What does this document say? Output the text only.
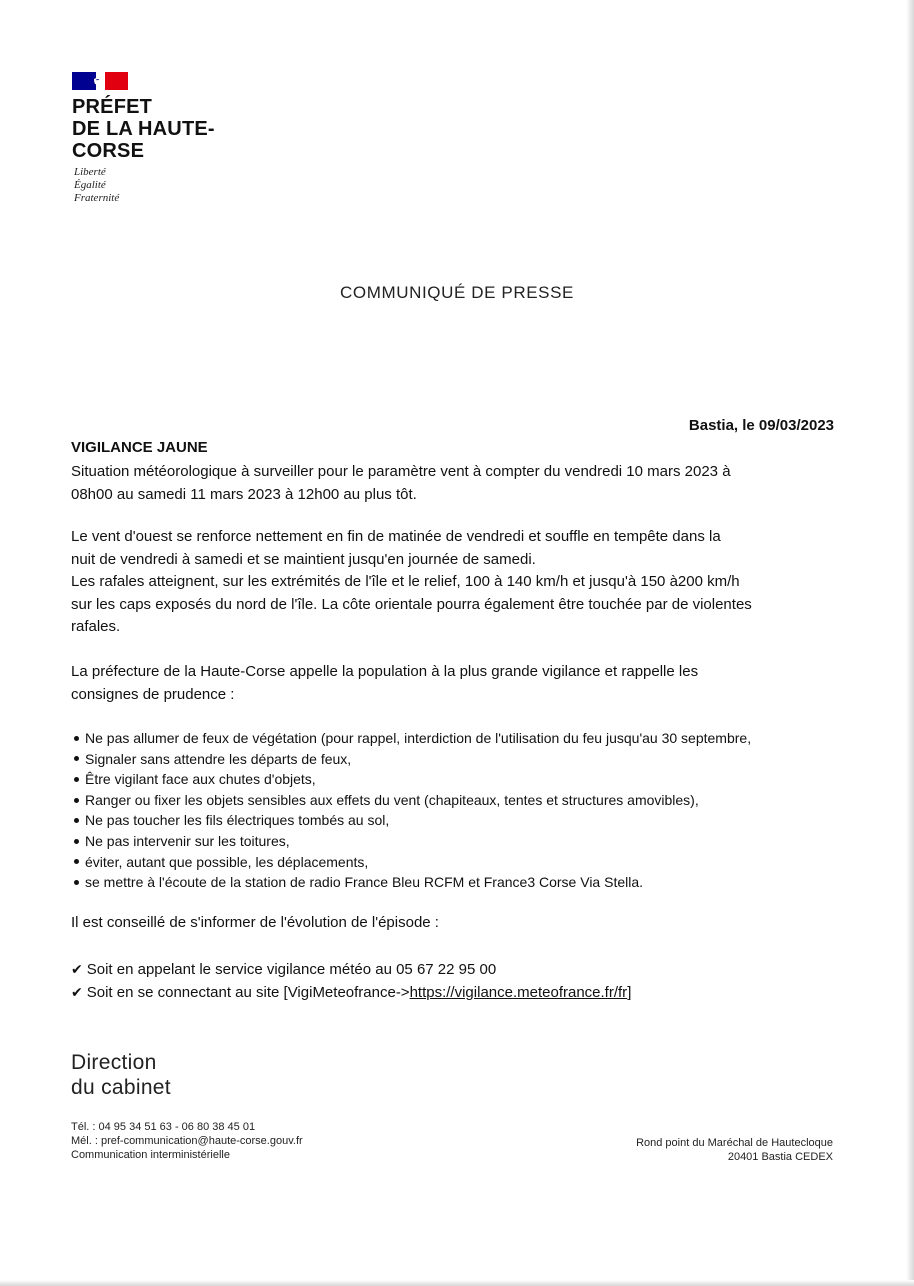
PRÉFET
DE LA HAUTE-
CORSE
Liberté
Égalité
Fraternité
COMMUNIQUÉ DE PRESSE
Bastia, le 09/03/2023
VIGILANCE JAUNE
Situation météorologique à surveiller pour le paramètre vent à compter du vendredi 10 mars 2023 à
08h00 au samedi 11 mars 2023 à 12h00 au plus tôt.
Le vent d'ouest se renforce nettement en fin de matinée de vendredi et souffle en tempête dans la
nuit de vendredi à samedi et se maintient jusqu'en journée de samedi.
Les rafales atteignent, sur les extrémités de l'île et le relief, 100 à 140 km/h et jusqu'à 150 à200 km/h
sur les caps exposés du nord de l'île. La côte orientale pourra également être touchée par de violentes
rafales.
La préfecture de la Haute-Corse appelle la population à la plus grande vigilance et rappelle les
consignes de prudence :
Ne pas allumer de feux de végétation (pour rappel, interdiction de l'utilisation du feu jusqu'au 30 septembre,
Signaler sans attendre les départs de feux,
Être vigilant face aux chutes d'objets,
Ranger ou fixer les objets sensibles aux effets du vent (chapiteaux, tentes et structures amovibles),
Ne pas toucher les fils électriques tombés au sol,
Ne pas intervenir sur les toitures,
éviter, autant que possible, les déplacements,
se mettre à l'écoute de la station de radio France Bleu RCFM et France3 Corse Via Stella.
Il est conseillé de s'informer de l'évolution de l'épisode :
✔ Soit en appelant le service vigilance météo au 05 67 22 95 00
✔ Soit en se connectant au site [VigiMeteofrance->https://vigilance.meteofrance.fr/fr]
Direction
du cabinet
Tél. : 04 95 34 51 63 - 06 80 38 45 01
Mél. : pref-communication@haute-corse.gouv.fr
Communication interministérielle
Rond point du Maréchal de Hautecloque
20401 Bastia CEDEX
